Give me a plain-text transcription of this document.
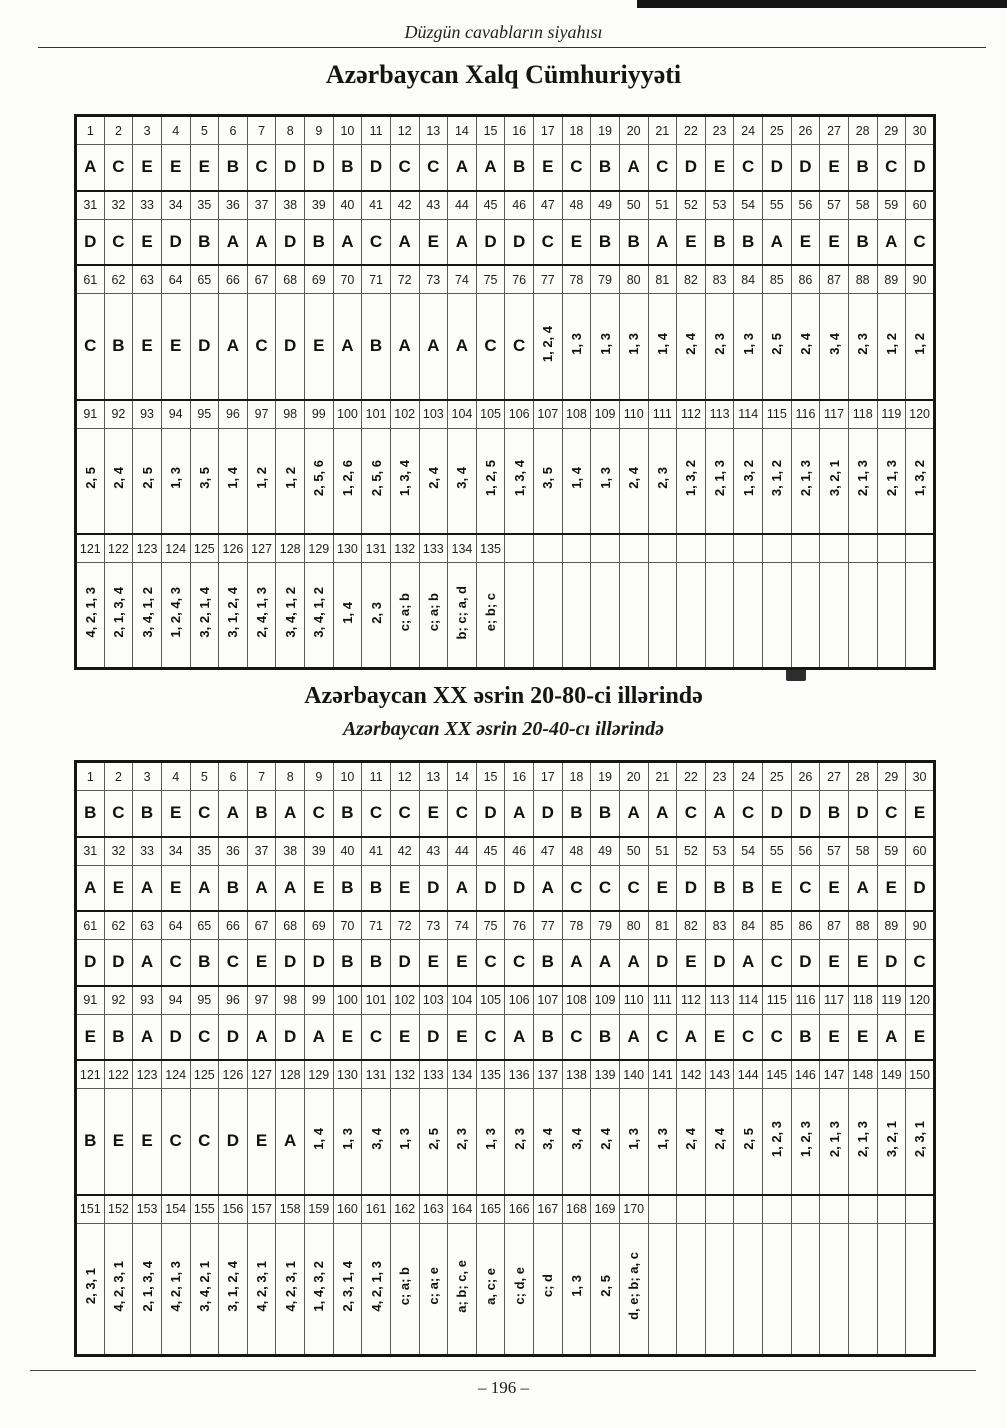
Düzgün cavabların siyahısı
Azərbaycan Xalq Cümhuriyyəti
1	2	3	4	5	6	7	8	9	10	11	12	13	14	15	16	17	18	19	20	21	22	23	24	25	26	27	28	29	30
A	C	E	E	E	B	C	D	D	B	D	C	C	A	A	B	E	C	B	A	C	D	E	C	D	D	E	B	C	D
31	32	33	34	35	36	37	38	39	40	41	42	43	44	45	46	47	48	49	50	51	52	53	54	55	56	57	58	59	60
D	C	E	D	B	A	A	D	B	A	C	A	E	A	D	D	C	E	B	B	A	E	B	B	A	E	E	B	A	C
61	62	63	64	65	66	67	68	69	70	71	72	73	74	75	76	77	78	79	80	81	82	83	84	85	86	87	88	89	90
C	B	E	E	D	A	C	D	E	A	B	A	A	A	C	C	1, 2, 4	1, 3	1, 3	1, 3	1, 4	2, 4	2, 3	1, 3	2, 5	2, 4	3, 4	2, 3	1, 2	1, 2
91	92	93	94	95	96	97	98	99	100	101	102	103	104	105	106	107	108	109	110	111	112	113	114	115	116	117	118	119	120
2, 5	2, 4	2, 5	1, 3	3, 5	1, 4	1, 2	1, 2	2, 5, 6	1, 2, 6	2, 5, 6	1, 3, 4	2, 4	3, 4	1, 2, 5	1, 3, 4	3, 5	1, 4	1, 3	2, 4	2, 3	1, 3, 2	2, 1, 3	1, 3, 2	3, 1, 2	2, 1, 3	3, 2, 1	2, 1, 3	2, 1, 3	1, 3, 2
121	122	123	124	125	126	127	128	129	130	131	132	133	134	135															
4, 2, 1, 3	2, 1, 3, 4	3, 4, 1, 2	1, 2, 4, 3	3, 2, 1, 4	3, 1, 2, 4	2, 4, 1, 3	3, 4, 1, 2	3, 4, 1, 2	1, 4	2, 3	c; a; b	c; a; b	b; c; a, d	e; b; c															
Azərbaycan XX əsrin 20-80-ci illərində
Azərbaycan XX əsrin 20-40-cı illərində
1	2	3	4	5	6	7	8	9	10	11	12	13	14	15	16	17	18	19	20	21	22	23	24	25	26	27	28	29	30
B	C	B	E	C	A	B	A	C	B	C	C	E	C	D	A	D	B	B	A	A	C	A	C	D	D	B	D	C	E
31	32	33	34	35	36	37	38	39	40	41	42	43	44	45	46	47	48	49	50	51	52	53	54	55	56	57	58	59	60
A	E	A	E	A	B	A	A	E	B	B	E	D	A	D	D	A	C	C	C	E	D	B	B	E	C	E	A	E	D
61	62	63	64	65	66	67	68	69	70	71	72	73	74	75	76	77	78	79	80	81	82	83	84	85	86	87	88	89	90
D	D	A	C	B	C	E	D	D	B	B	D	E	E	C	C	B	A	A	A	D	E	D	A	C	D	E	E	D	C
91	92	93	94	95	96	97	98	99	100	101	102	103	104	105	106	107	108	109	110	111	112	113	114	115	116	117	118	119	120
E	B	A	D	C	D	A	D	A	E	C	E	D	E	C	A	B	C	B	A	C	A	E	C	C	B	E	E	A	E
121	122	123	124	125	126	127	128	129	130	131	132	133	134	135	136	137	138	139	140	141	142	143	144	145	146	147	148	149	150
B	E	E	C	C	D	E	A	1, 4	1, 3	3, 4	1, 3	2, 5	2, 3	1, 3	2, 3	3, 4	3, 4	2, 4	1, 3	1, 3	2, 4	2, 4	2, 5	1, 2, 3	1, 2, 3	2, 1, 3	2, 1, 3	3, 2, 1	2, 3, 1
151	152	153	154	155	156	157	158	159	160	161	162	163	164	165	166	167	168	169	170										
2, 3, 1	4, 2, 3, 1	2, 1, 3, 4	4, 2, 1, 3	3, 4, 2, 1	3, 1, 2, 4	4, 2, 3, 1	4, 2, 3, 1	1, 4, 3, 2	2, 3, 1, 4	4, 2, 1, 3	c; a; b	c; a; e	a; b; c, e	a, c; e	c; d, e	c; d	1, 3	2, 5	d, e; b; a, c										
– 196 –
